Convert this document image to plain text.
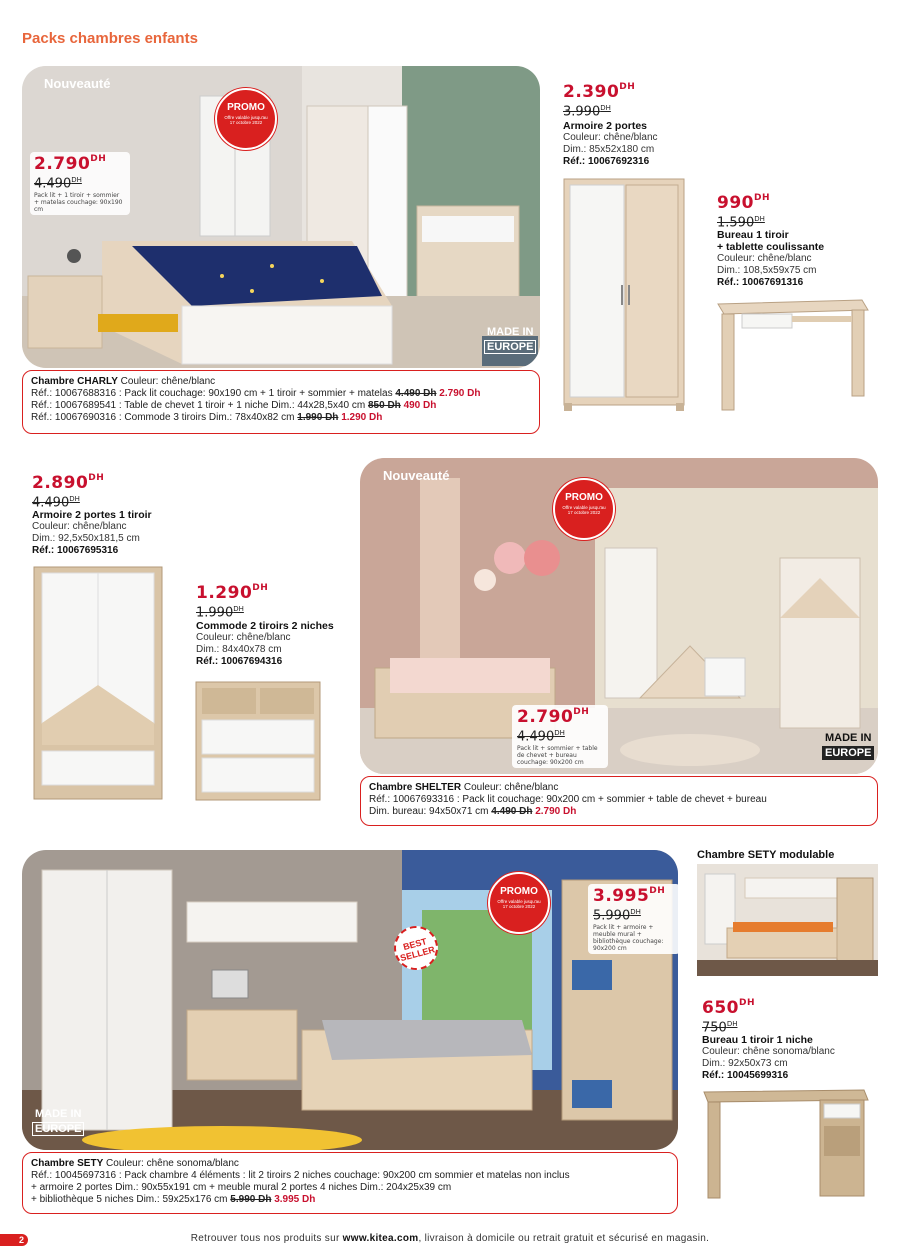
Packs chambres enfants
Nouveauté
PROMO
Offre valable jusqu'au 17 octobre 2022
MADE IN
EUROPE
$2.790^{DH}$
$4.490^{DH}$
Pack lit + 1 tiroir + sommier + matelas couchage: 90x190 cm
Chambre CHARLY Couleur: chêne/blanc
Réf.: 10067688316 : Pack lit couchage: 90x190 cm + 1 tiroir + sommier + matelas 4.490 Dh 2.790 Dh
Réf.: 10067689541 : Table de chevet 1 tiroir + 1 niche Dim.: 44x28,5x40 cm 850 Dh 490 Dh
Réf.: 10067690316 : Commode 3 tiroirs Dim.: 78x40x82 cm 1.990 Dh 1.290 Dh
$2.390^{DH}$
$3.990^{DH}$
Armoire 2 portes
Couleur: chêne/blanc
Dim.: 85x52x180 cm
Réf.: 10067692316
$990^{DH}$
$1.590^{DH}$
Bureau 1 tiroir
+ tablette coulissante
Couleur: chêne/blanc
Dim.: 108,5x59x75 cm
Réf.: 10067691316
$2.890^{DH}$
$4.490^{DH}$
Armoire 2 portes 1 tiroir
Couleur: chêne/blanc
Dim.: 92,5x50x181,5 cm
Réf.: 10067695316
$1.290^{DH}$
$1.990^{DH}$
Commode 2 tiroirs 2 niches
Couleur: chêne/blanc
Dim.: 84x40x78 cm
Réf.: 10067694316
Nouveauté
PROMO
Offre valable jusqu'au 17 octobre 2022
MADE IN
EUROPE
$2.790^{DH}$
$4.490^{DH}$
Pack lit + sommier + table de chevet + bureau couchage: 90x200 cm
Chambre SHELTER Couleur: chêne/blanc
Réf.: 10067693316 : Pack lit couchage: 90x200 cm + sommier + table de chevet + bureau
Dim. bureau: 94x50x71 cm 4.490 Dh 2.790 Dh
PROMO
Offre valable jusqu'au 17 octobre 2022
BEST SELLER
MADE IN
EUROPE
$3.995^{DH}$
$5.990^{DH}$
Pack lit + armoire + meuble mural + bibliothèque couchage: 90x200 cm
Chambre SETY Couleur: chêne sonoma/blanc
Réf.: 10045697316 : Pack chambre 4 éléments : lit 2 tiroirs 2 niches couchage: 90x200 cm sommier et matelas non inclus
+ armoire 2 portes Dim.: 90x55x191 cm + meuble mural 2 portes 4 niches Dim.: 204x25x39 cm
+ bibliothèque 5 niches Dim.: 59x25x176 cm 5.990 Dh 3.995 Dh
Chambre SETY modulable
$650^{DH}$
$750^{DH}$
Bureau 1 tiroir 1 niche
Couleur: chêne sonoma/blanc
Dim.: 92x50x73 cm
Réf.: 10045699316
2	Retrouver tous nos produits sur www.kitea.com, livraison à domicile ou retrait gratuit et sécurisé en magasin.
